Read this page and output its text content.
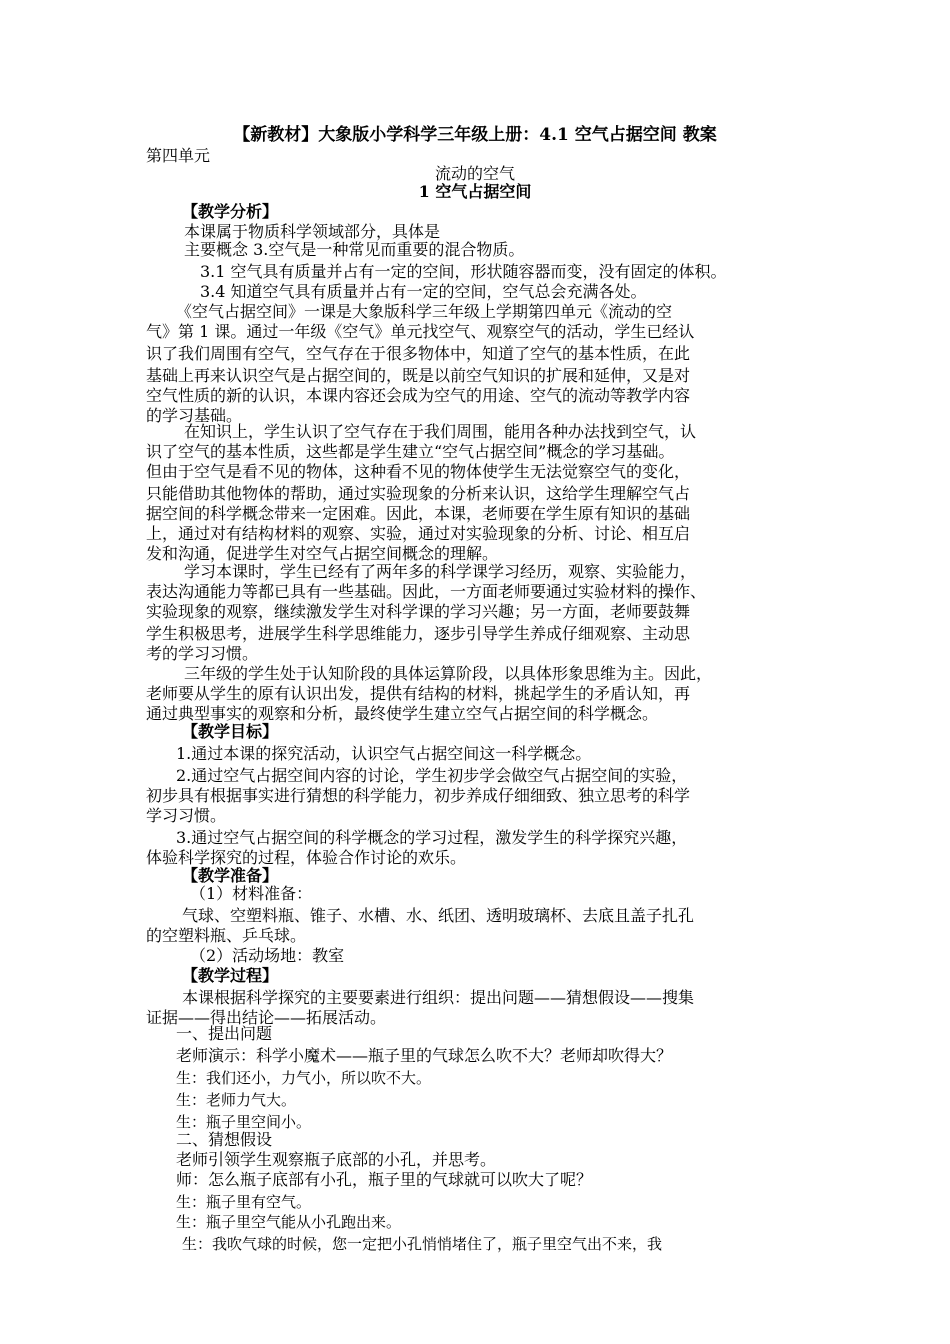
【新教材】大象版小学科学三年级上册：4.1 空气占据空间 教案
第四单元
流动的空气
1 空气占据空间
【教学分析】
本课属于物质科学领域部分，具体是
主要概念 3.空气是一种常见而重要的混合物质。
3.1 空气具有质量并占有一定的空间，形状随容器而变，没有固定的体积。
3.4 知道空气具有质量并占有一定的空间，空气总会充满各处。
《空气占据空间》一课是大象版科学三年级上学期第四单元《流动的空
气》第 1 课。通过一年级《空气》单元找空气、观察空气的活动，学生已经认
识了我们周围有空气，空气存在于很多物体中，知道了空气的基本性质，在此
基础上再来认识空气是占据空间的，既是以前空气知识的扩展和延伸，又是对
空气性质的新的认识，本课内容还会成为空气的用途、空气的流动等教学内容
的学习基础。
在知识上，学生认识了空气存在于我们周围，能用各种办法找到空气，认
识了空气的基本性质，这些都是学生建立“空气占据空间”概念的学习基础。
但由于空气是看不见的物体，这种看不见的物体使学生无法觉察空气的变化，
只能借助其他物体的帮助，通过实验现象的分析来认识，这给学生理解空气占
据空间的科学概念带来一定困难。因此，本课，老师要在学生原有知识的基础
上，通过对有结构材料的观察、实验，通过对实验现象的分析、讨论、相互启
发和沟通，促进学生对空气占据空间概念的理解。
学习本课时，学生已经有了两年多的科学课学习经历，观察、实验能力，
表达沟通能力等都已具有一些基础。因此，一方面老师要通过实验材料的操作、
实验现象的观察，继续激发学生对科学课的学习兴趣；另一方面，老师要鼓舞
学生积极思考，进展学生科学思维能力，逐步引导学生养成仔细观察、主动思
考的学习习惯。
三年级的学生处于认知阶段的具体运算阶段，以具体形象思维为主。因此，
老师要从学生的原有认识出发，提供有结构的材料，挑起学生的矛盾认知，再
通过典型事实的观察和分析，最终使学生建立空气占据空间的科学概念。
【教学目标】
1.通过本课的探究活动，认识空气占据空间这一科学概念。
2.通过空气占据空间内容的讨论，学生初步学会做空气占据空间的实验，
初步具有根据事实进行猜想的科学能力，初步养成仔细细致、独立思考的科学
学习习惯。
3.通过空气占据空间的科学概念的学习过程，激发学生的科学探究兴趣，
体验科学探究的过程，体验合作讨论的欢乐。
【教学准备】
（1）材料准备：
气球、空塑料瓶、锥子、水槽、水、纸团、透明玻璃杯、去底且盖子扎孔
的空塑料瓶、乒乓球。
（2）活动场地：教室
【教学过程】
本课根据科学探究的主要要素进行组织：提出问题——猜想假设——搜集
证据——得出结论——拓展活动。
一、提出问题
老师演示：科学小魔术——瓶子里的气球怎么吹不大？老师却吹得大？
生：我们还小，力气小，所以吹不大。
生：老师力气大。
生：瓶子里空间小。
二、猜想假设
老师引领学生观察瓶子底部的小孔，并思考。
师：怎么瓶子底部有小孔，瓶子里的气球就可以吹大了呢？
生：瓶子里有空气。
生：瓶子里空气能从小孔跑出来。
生：我吹气球的时候，您一定把小孔悄悄堵住了，瓶子里空气出不来，我
